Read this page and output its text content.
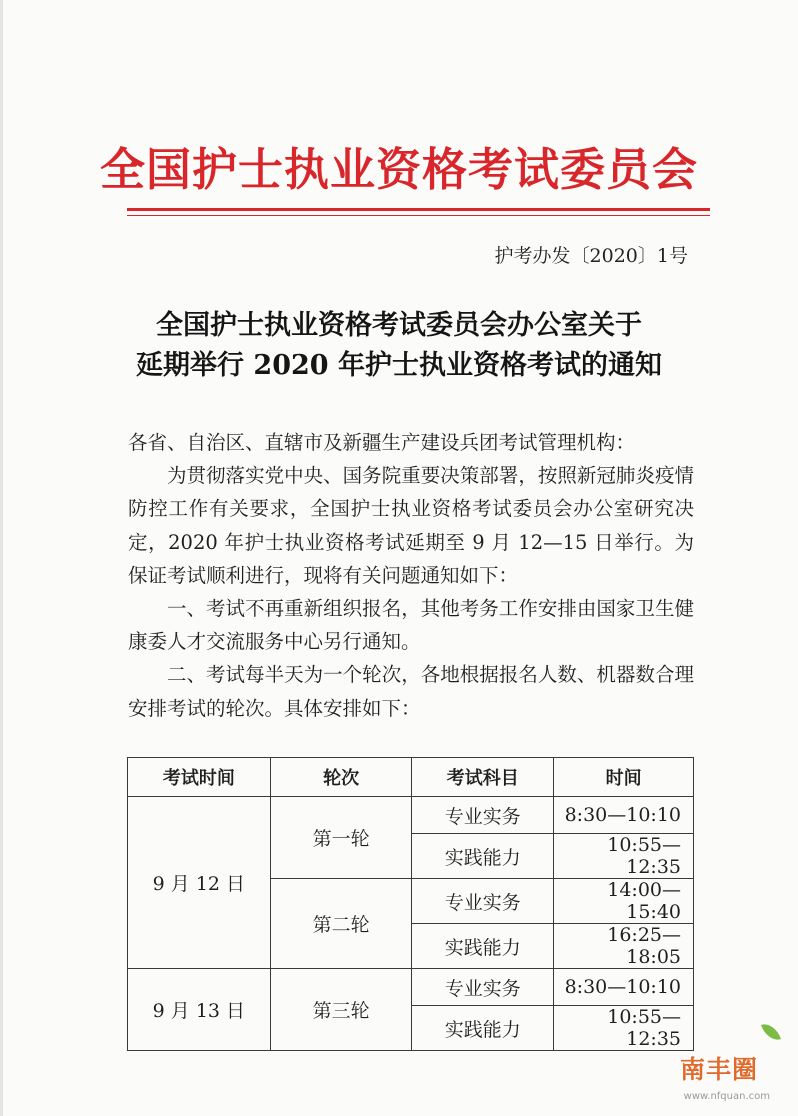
全国护士执业资格考试委员会
护考办发〔2020〕1号
全国护士执业资格考试委员会办公室关于
延期举行 2020 年护士执业资格考试的通知

各省、自治区、直辖市及新疆生产建设兵团考试管理机构：

为贯彻落实党中央、国务院重要决策部署，按照新冠肺炎疫情防控工作有关要求，全国护士执业资格考试委员会办公室研究决定，2020 年护士执业资格考试延期至 9 月 12—15 日举行。为保证考试顺利进行，现将有关问题通知如下：

一、考试不再重新组织报名，其他考务工作安排由国家卫生健康委人才交流服务中心另行通知。

二、考试每半天为一个轮次，各地根据报名人数、机器数合理安排考试的轮次。具体安排如下：

考试时间	轮次	考试科目	时间
9 月 12 日	第一轮	专业实务	8:30—10:10
		实践能力	10:55—12:35
	第二轮	专业实务	14:00—15:40
		实践能力	16:25—18:05
9 月 13 日	第三轮	专业实务	8:30—10:10
		实践能力	10:55—12:35
南丰圈
www.nfquan.com
